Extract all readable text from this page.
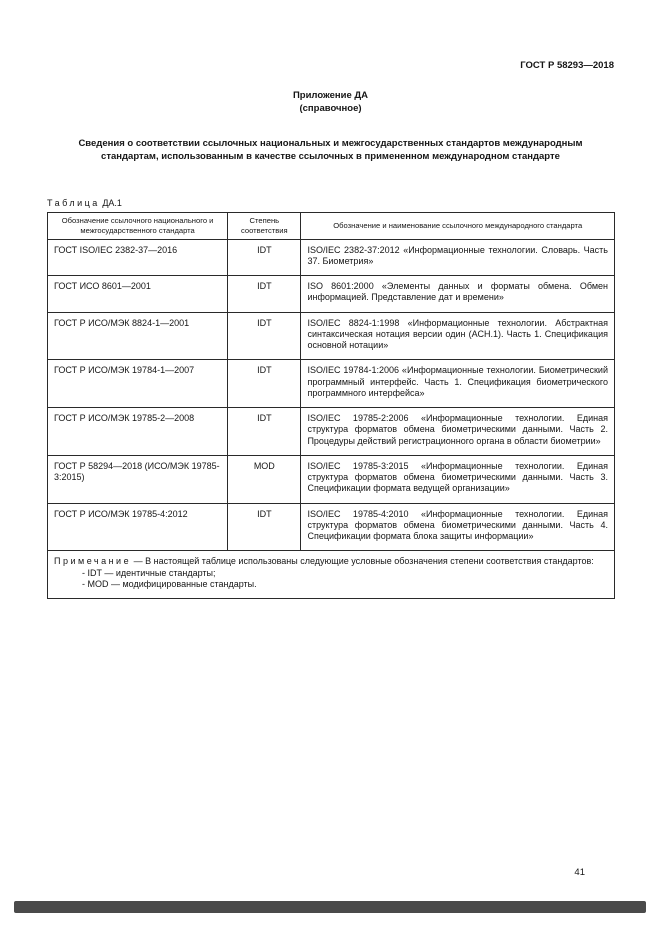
ГОСТ Р 58293—2018
Приложение ДА
(справочное)
Сведения о соответствии ссылочных национальных и межгосударственных стандартов международным стандартам, использованным в качестве ссылочных в примененном международном стандарте
Таблица ДА.1
Обозначение ссылочного национального и межгосударственного стандарта	Степень соответствия	Обозначение и наименование ссылочного международного стандарта
ГОСТ ISO/IEC 2382-37—2016	IDT	ISO/IEC 2382-37:2012 «Информационные технологии. Словарь. Часть 37. Биометрия»
ГОСТ ИСО 8601—2001	IDT	ISO 8601:2000 «Элементы данных и форматы обмена. Обмен информацией. Представление дат и времени»
ГОСТ Р ИСО/МЭК 8824-1—2001	IDT	ISO/IEC 8824-1:1998 «Информационные технологии. Абстрактная синтаксическая нотация версии один (АСН.1). Часть 1. Спецификация основной нотации»
ГОСТ Р ИСО/МЭК 19784-1—2007	IDT	ISO/IEC 19784-1:2006 «Информационные технологии. Биометрический программный интерфейс. Часть 1. Спецификация биометрического программного интерфейса»
ГОСТ Р ИСО/МЭК 19785-2—2008	IDT	ISO/IEC 19785-2:2006 «Информационные технологии. Единая структура форматов обмена биометрическими данными. Часть 2. Процедуры действий регистрационного органа в области биометрии»
ГОСТ Р 58294—2018 (ИСО/МЭК 19785-3:2015)	MOD	ISO/IEC 19785-3:2015 «Информационные технологии. Единая структура форматов обмена биометрическими данными. Часть 3. Спецификации формата ведущей организации»
ГОСТ Р ИСО/МЭК 19785-4:2012	IDT	ISO/IEC 19785-4:2010 «Информационные технологии. Единая структура форматов обмена биометрическими данными. Часть 4. Спецификации формата блока защиты информации»
Примечание — В настоящей таблице использованы следующие условные обозначения степени соответствия стандартов:
- IDT — идентичные стандарты;
- MOD — модифицированные стандарты.		
41
